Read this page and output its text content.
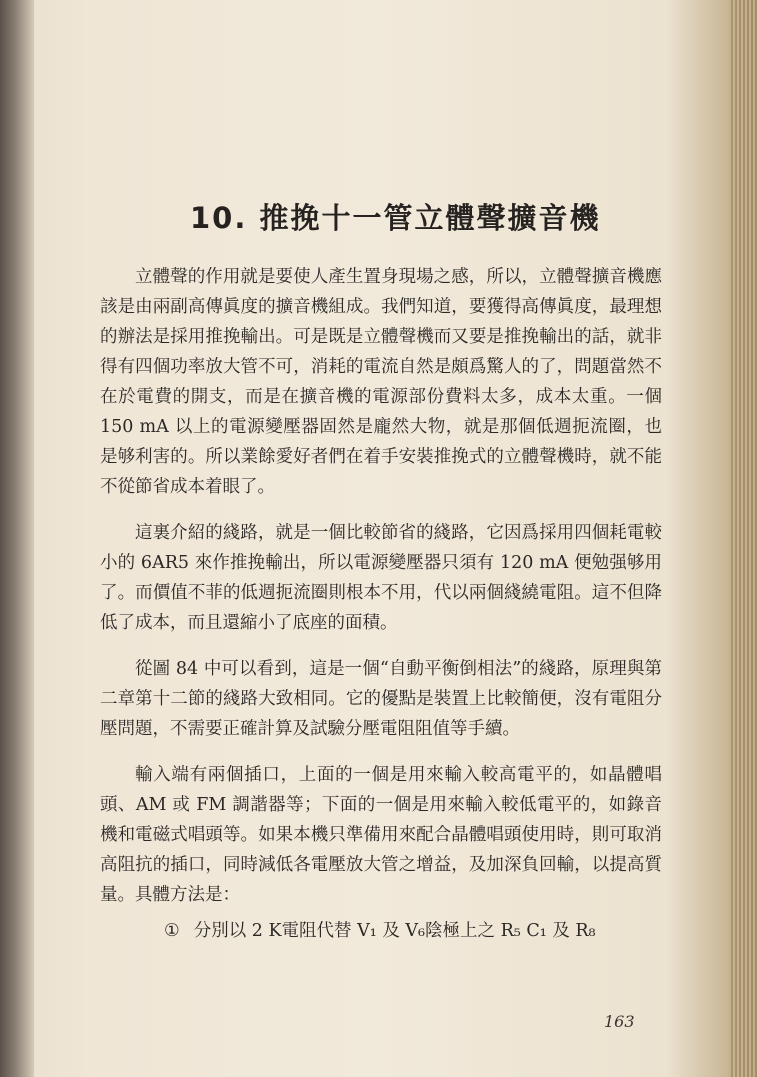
10. 推挽十一管立體聲擴音機

立體聲的作用就是要使人產生置身現場之感，所以，立體聲擴音機應該是由兩副高傳眞度的擴音機組成。我們知道，要獲得高傳眞度，最理想的辦法是採用推挽輸出。可是既是立體聲機而又要是推挽輸出的話，就非得有四個功率放大管不可，消耗的電流自然是頗爲驚人的了，問題當然不在於電費的開支，而是在擴音機的電源部份費料太多，成本太重。一個 150 mA 以上的電源變壓器固然是龐然大物，就是那個低週扼流圈，也是够利害的。所以業餘愛好者們在着手安裝推挽式的立體聲機時，就不能不從節省成本着眼了。

這裏介紹的綫路，就是一個比較節省的綫路，它因爲採用四個耗電較小的 6AR5 來作推挽輸出，所以電源變壓器只須有 120 mA 便勉强够用了。而價值不菲的低週扼流圈則根本不用，代以兩個綫繞電阻。這不但降低了成本，而且還縮小了底座的面積。

從圖 84 中可以看到，這是一個“自動平衡倒相法”的綫路，原理與第二章第十二節的綫路大致相同。它的優點是裝置上比較簡便，沒有電阻分壓問題，不需要正確計算及試驗分壓電阻阻值等手續。

輸入端有兩個插口，上面的一個是用來輸入較高電平的，如晶體唱頭、AM 或 FM 調諧器等；下面的一個是用來輸入較低電平的，如錄音機和電磁式唱頭等。如果本機只準備用來配合晶體唱頭使用時，則可取消高阻抗的插口，同時減低各電壓放大管之增益，及加深負回輸，以提高質量。具體方法是：

① 分別以 2 K電阻代替 V₁ 及 V₆陰極上之 R₅ C₁ 及 R₈
163
